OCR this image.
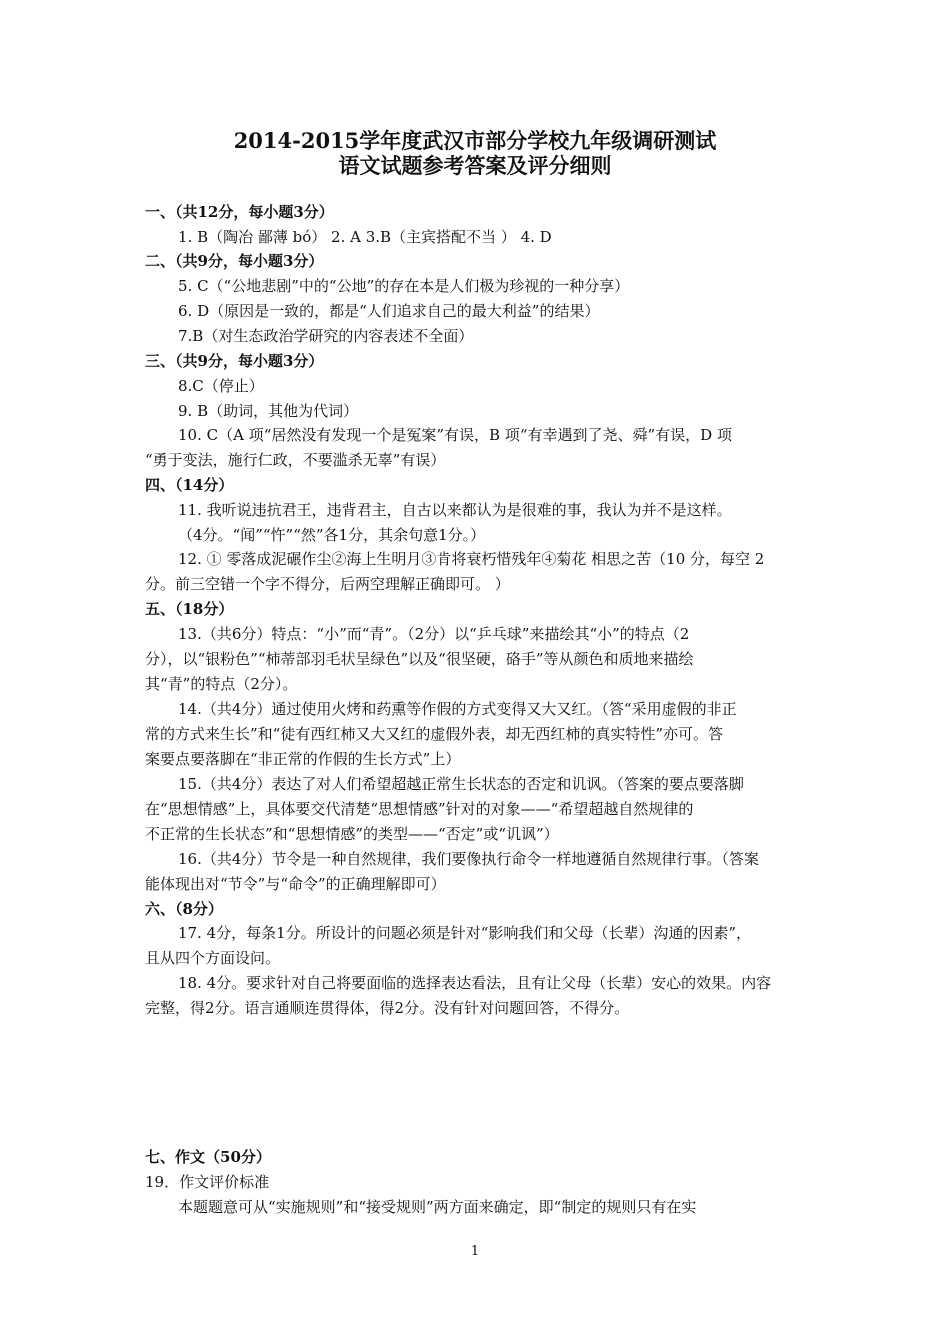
2014-2015学年度武汉市部分学校九年级调研测试
语文试题参考答案及评分细则
一、（共12分，每小题3分）
1. B（陶冶 鄙薄 bó） 2. A 3.B（主宾搭配不当 ） 4. D
二、（共9分，每小题3分）
5. C（“公地悲剧”中的“公地”的存在本是人们极为珍视的一种分享）
6. D（原因是一致的，都是“人们追求自己的最大利益”的结果）
7.B（对生态政治学研究的内容表述不全面）
三、（共9分，每小题3分）
8.C（停止）
9. B（助词，其他为代词）
10. C（A 项“居然没有发现一个是冤案”有误，B 项“有幸遇到了尧、舜”有误，D 项
“勇于变法，施行仁政，不要滥杀无辜”有误）
四、（14分）
11. 我听说违抗君王，违背君主，自古以来都认为是很难的事，我认为并不是这样。
（4分。“闻”“忤”“然”各1分，其余句意1分。）
12. ① 零落成泥碾作尘②海上生明月③肯将衰朽惜残年④菊花 相思之苦（10 分，每空 2
分。前三空错一个字不得分，后两空理解正确即可。 ）
五、（18分）
13.（共6分）特点：“小”而“青”。（2分）以“乒乓球”来描绘其“小”的特点（2
分），以“银粉色”“柿蒂部羽毛状呈绿色”以及“很坚硬，硌手”等从颜色和质地来描绘
其“青”的特点（2分）。
14.（共4分）通过使用火烤和药熏等作假的方式变得又大又红。（答“采用虚假的非正
常的方式来生长”和“徒有西红柿又大又红的虚假外表，却无西红柿的真实特性”亦可。答
案要点要落脚在“非正常的作假的生长方式”上）
15.（共4分）表达了对人们希望超越正常生长状态的否定和讥讽。（答案的要点要落脚
在“思想情感”上，具体要交代清楚“思想情感”针对的对象——“希望超越自然规律的
不正常的生长状态”和“思想情感”的类型——“否定”或“讥讽”）
16.（共4分）节令是一种自然规律，我们要像执行命令一样地遵循自然规律行事。（答案
能体现出对“节令”与“命令”的正确理解即可）
六、（8分）
17. 4分，每条1分。所设计的问题必须是针对“影响我们和父母（长辈）沟通的因素”，
且从四个方面设问。
18. 4分。要求针对自己将要面临的选择表达看法，且有让父母（长辈）安心的效果。内容
完整，得2分。语言通顺连贯得体，得2分。没有针对问题回答，不得分。
七、作文（50分）
19．作文评价标准
本题题意可从“实施规则”和“接受规则”两方面来确定，即“制定的规则只有在实
1
